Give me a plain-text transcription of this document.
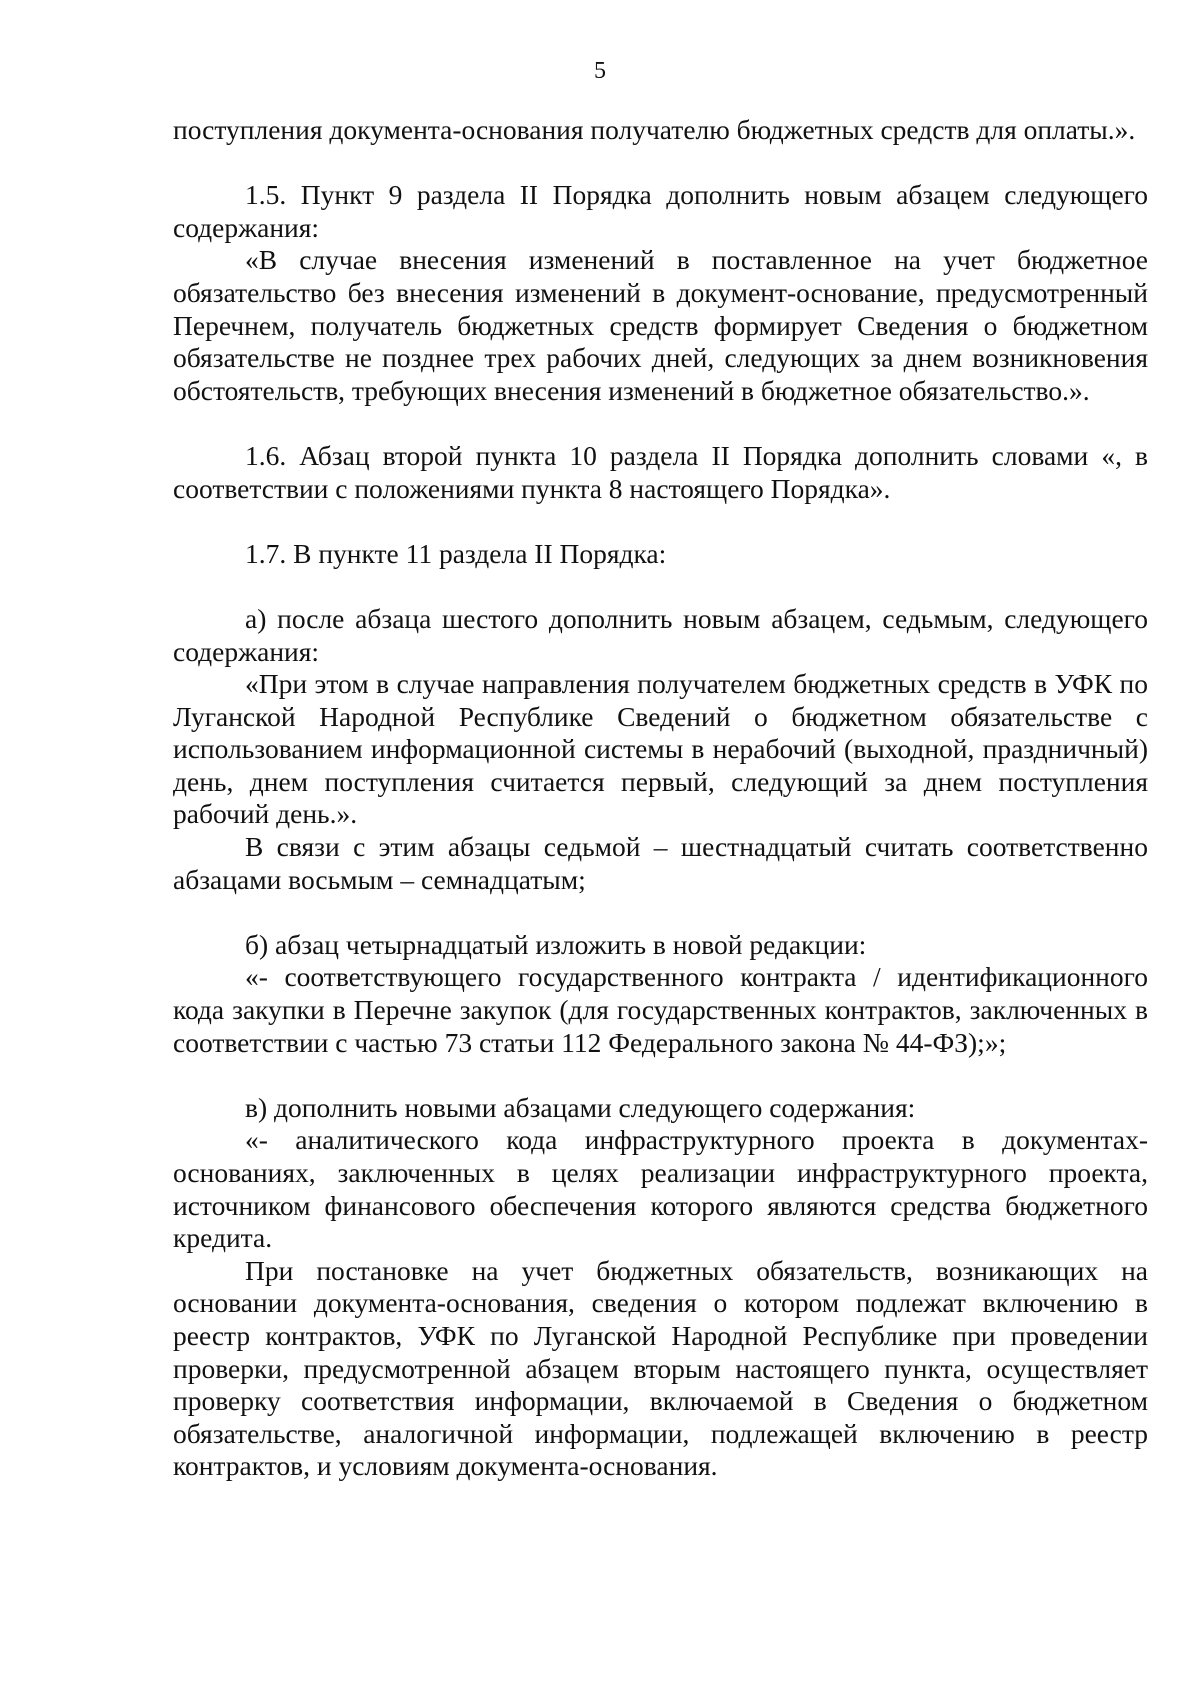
5

поступления документа-основания получателю бюджетных средств для оплаты.».

1.5. Пункт 9 раздела II Порядка дополнить новым абзацем следующего содержания:

«В случае внесения изменений в поставленное на учет бюджетное обязательство без внесения изменений в документ-основание, предусмотренный Перечнем, получатель бюджетных средств формирует Сведения о бюджетном обязательстве не позднее трех рабочих дней, следующих за днем возникновения обстоятельств, требующих внесения изменений в бюджетное обязательство.».

1.6. Абзац второй пункта 10 раздела II Порядка дополнить словами «, в соответствии с положениями пункта 8 настоящего Порядка».

1.7. В пункте 11 раздела II Порядка:

а) после абзаца шестого дополнить новым абзацем, седьмым, следующего содержания:

«При этом в случае направления получателем бюджетных средств в УФК по Луганской Народной Республике Сведений о бюджетном обязательстве с использованием информационной системы в нерабочий (выходной, праздничный) день, днем поступления считается первый, следующий за днем поступления рабочий день.».

В связи с этим абзацы седьмой – шестнадцатый считать соответственно абзацами восьмым – семнадцатым;

б) абзац четырнадцатый изложить в новой редакции:

«- соответствующего государственного контракта / идентификационного кода закупки в Перечне закупок (для государственных контрактов, заключенных в соответствии с частью 73 статьи 112 Федерального закона № 44-ФЗ);»;

в) дополнить новыми абзацами следующего содержания:

«- аналитического кода инфраструктурного проекта в документах-основаниях, заключенных в целях реализации инфраструктурного проекта, источником финансового обеспечения которого являются средства бюджетного кредита.

При постановке на учет бюджетных обязательств, возникающих на основании документа-основания, сведения о котором подлежат включению в реестр контрактов, УФК по Луганской Народной Республике при проведении проверки, предусмотренной абзацем вторым настоящего пункта, осуществляет проверку соответствия информации, включаемой в Сведения о бюджетном обязательстве, аналогичной информации, подлежащей включению в реестр контрактов, и условиям документа-основания.
